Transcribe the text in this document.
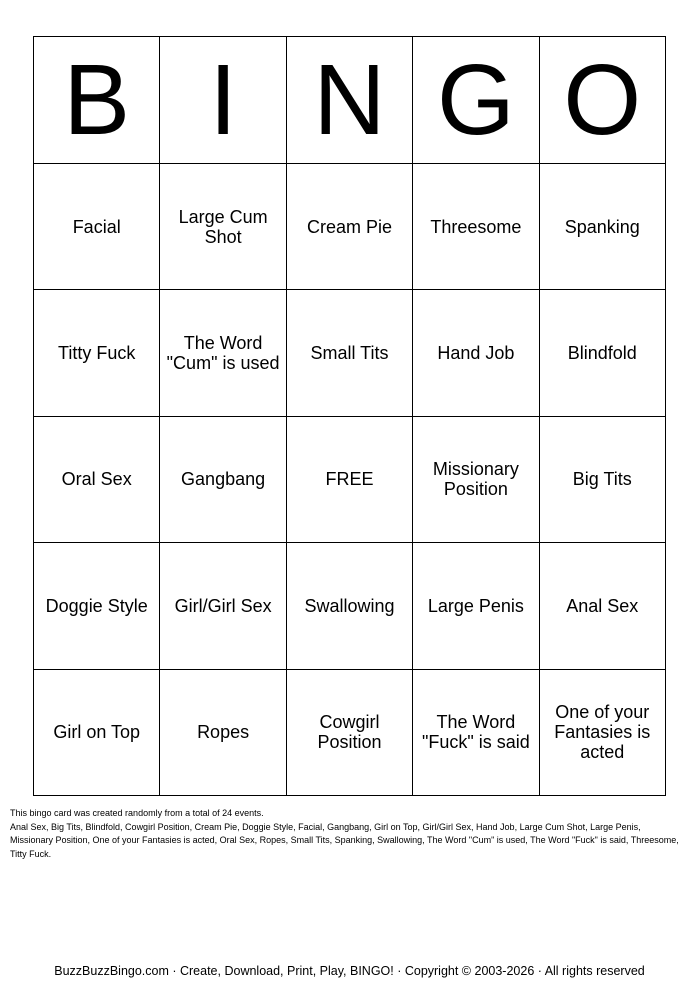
B	I	N	G	O
Facial	Large Cum Shot	Cream Pie	Threesome	Spanking
Titty Fuck	The Word "Cum" is used	Small Tits	Hand Job	Blindfold
Oral Sex	Gangbang	FREE	Missionary Position	Big Tits
Doggie Style	Girl/Girl Sex	Swallowing	Large Penis	Anal Sex
Girl on Top	Ropes	Cowgirl Position	The Word "Fuck" is said	One of your Fantasies is acted

This bingo card was created randomly from a total of 24 events.

Anal Sex, Big Tits, Blindfold, Cowgirl Position, Cream Pie, Doggie Style, Facial, Gangbang, Girl on Top, Girl/Girl Sex, Hand Job, Large Cum Shot, Large Penis, Missionary Position, One of your Fantasies is acted, Oral Sex, Ropes, Small Tits, Spanking, Swallowing, The Word "Cum" is used, The Word "Fuck" is said, Threesome, Titty Fuck.

BuzzBuzzBingo.com · Create, Download, Print, Play, BINGO! · Copyright © 2003-2026 · All rights reserved
